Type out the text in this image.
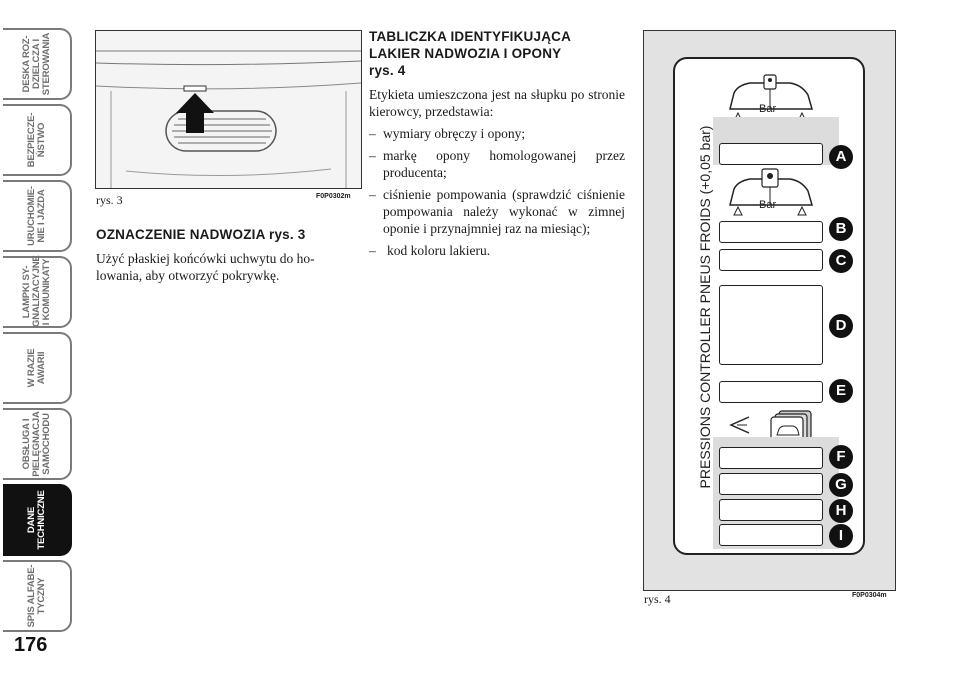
DESKA ROZ-
DZIELCZA I
STEROWANIA
BEZPIECZE-
ŃSTWO
URUCHOMIE-
NIE I JAZDA
LAMPKI SY-
GNALIZACYJNE
I KOMUNIKATY
W RAZIE
AWARII
OBSŁUGA I
PIELĘGNACJA
SAMOCHODU
DANE
TECHNICZNE
SPIS ALFABE-
TYCZNY
176
rys. 3	F0P0302m
OZNACZENIE NADWOZIA rys. 3
Użyć płaskiej końcówki uchwytu do ho-
lowania, aby otworzyć pokrywkę.
TABLICZKA IDENTYFIKUJĄCA
LAKIER NADWOZIA I OPONY
rys. 4
Etykieta umieszczona jest na słupku po stronie kierowcy, przedstawia:
– wymiary obręczy i opony;
– markę opony homologowanej przez producenta;
– ciśnienie pompowania (sprawdzić ciśnienie pompowania należy wykonać w zimnej oponie i przynajmniej raz na miesiąc);
– kod koloru lakieru.	PRESSIONS CONTROLLER PNEUS FROIDS (+0,05 bar)
Bar
A
Bar
B
C
D
E
F
G
H
I
rys. 4	F0P0304m
